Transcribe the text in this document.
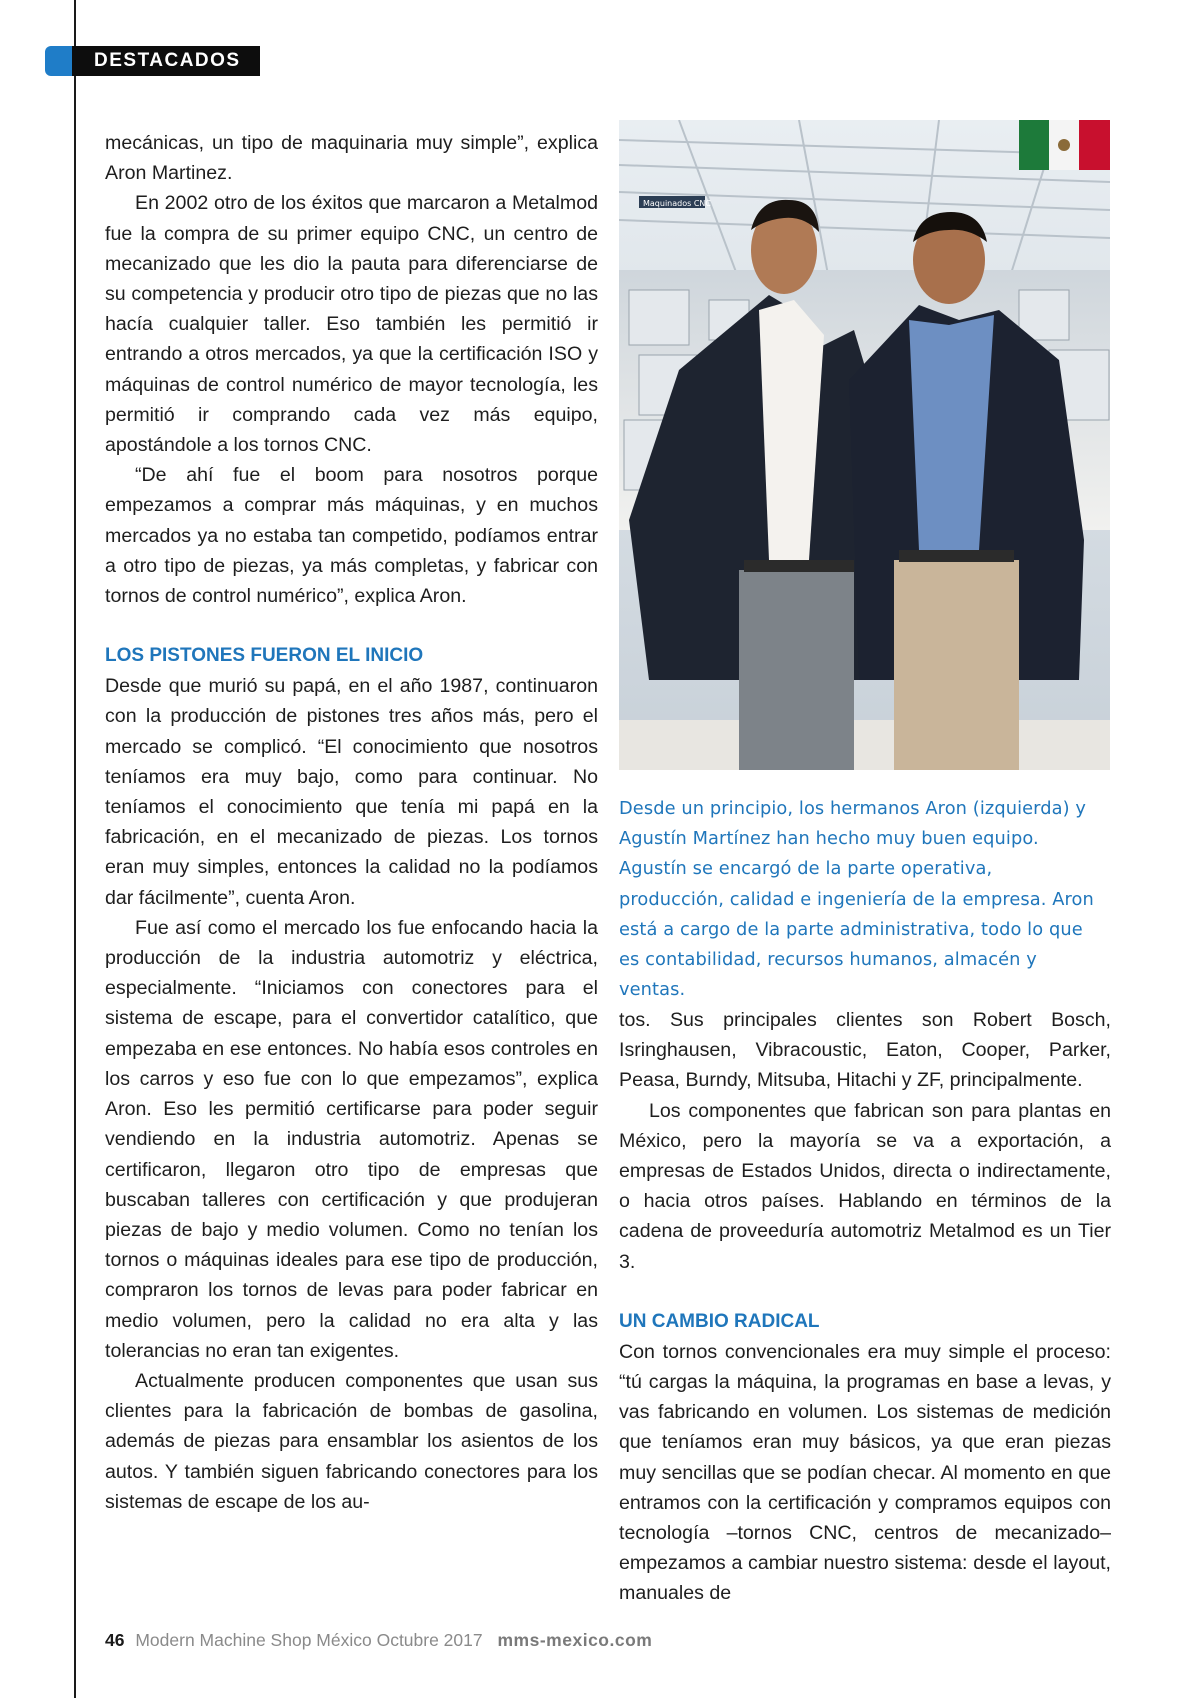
DESTACADOS

mecánicas, un tipo de maquinaria muy simple”, explica Aron Martinez.

En 2002 otro de los éxitos que marcaron a Metalmod fue la compra de su primer equipo CNC, un centro de mecanizado que les dio la pauta para diferenciarse de su competencia y producir otro tipo de piezas que no las hacía cualquier taller. Eso también les permitió ir entrando a otros mercados, ya que la certificación ISO y máquinas de control numérico de mayor tecnología, les permitió ir comprando cada vez más equipo, apostándole a los tornos CNC.

“De ahí fue el boom para nosotros porque empezamos a comprar más máquinas, y en muchos mercados ya no estaba tan competido, podíamos entrar a otro tipo de piezas, ya más completas, y fabricar con tornos de control numérico”, explica Aron.

LOS PISTONES FUERON EL INICIO

Desde que murió su papá, en el año 1987, continuaron con la producción de pistones tres años más, pero el mercado se complicó. “El conocimiento que nosotros teníamos era muy bajo, como para continuar. No teníamos el conocimiento que tenía mi papá en la fabricación, en el mecanizado de piezas. Los tornos eran muy simples, entonces la calidad no la podíamos dar fácilmente”, cuenta Aron.

Fue así como el mercado los fue enfocando hacia la producción de la industria automotriz y eléctrica, especialmente. “Iniciamos con conectores para el sistema de escape, para el convertidor catalítico, que empezaba en ese entonces. No había esos controles en los carros y eso fue con lo que empezamos”, explica Aron. Eso les permitió certificarse para poder seguir vendiendo en la industria automotriz. Apenas se certificaron, llegaron otro tipo de empresas que buscaban talleres con certificación y que produjeran piezas de bajo y medio volumen. Como no tenían los tornos o máquinas ideales para ese tipo de producción, compraron los tornos de levas para poder fabricar en medio volumen, pero la calidad no era alta y las tolerancias no eran tan exigentes.

Actualmente producen componentes que usan sus clientes para la fabricación de bombas de gasolina, además de piezas para ensamblar los asientos de los autos. Y también siguen fabricando conectores para los sistemas de escape de los au-

Maquinados CNC

Desde un principio, los hermanos Aron (izquierda) y Agustín Martínez han hecho muy buen equipo. Agustín se encargó de la parte operativa, producción, calidad e ingeniería de la empresa. Aron está a cargo de la parte administrativa, todo lo que es contabilidad, recursos humanos, almacén y ventas.

tos. Sus principales clientes son Robert Bosch, Isringhausen, Vibracoustic, Eaton, Cooper, Parker, Peasa, Burndy, Mitsuba, Hitachi y ZF, principalmente.

Los componentes que fabrican son para plantas en México, pero la mayoría se va a exportación, a empresas de Estados Unidos, directa o indirectamente, o hacia otros países. Hablando en términos de la cadena de proveeduría automotriz Metalmod es un Tier 3.

UN CAMBIO RADICAL

Con tornos convencionales era muy simple el proceso: “tú cargas la máquina, la programas en base a levas, y vas fabricando en volumen. Los sistemas de medición que teníamos eran muy básicos, ya que eran piezas muy sencillas que se podían checar. Al momento en que entramos con la certificación y compramos equipos con tecnología –tornos CNC, centros de mecanizado– empezamos a cambiar nuestro sistema: desde el layout, manuales de

46 Modern Machine Shop México Octubre 2017 mms-mexico.com
